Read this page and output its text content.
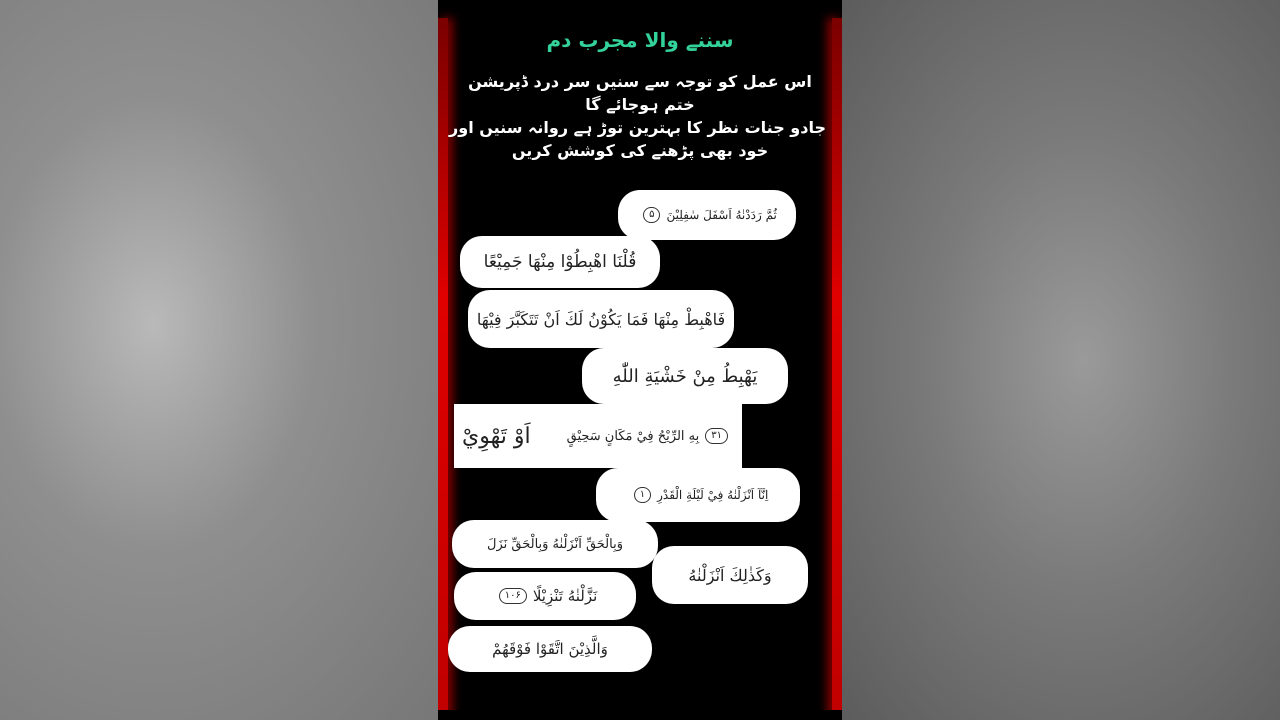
سننے والا مجرب دم
اس عمل کو توجہ سے سنیں سر درد ڈپریشن
ختم ہوجائے گا
جادو جنات نظر کا بہترین توڑ ہے روانہ سنیں اور
خود بھی پڑھنے کی کوشش کریں
ثُمَّ رَدَدْنٰهُ اَسْفَلَ سٰفِلِيْنَ
۵
قُلْنَا اهْبِطُوْا مِنْهَا جَمِيْعًا
فَاهْبِطْ مِنْهَا فَمَا يَكُوْنُ لَكَ اَنْ تَتَكَبَّرَ فِيْهَا
يَهْبِطُ مِنْ خَشْيَةِ اللّٰهِ
۳۱
بِهِ الرِّيْحُ فِيْ مَكَانٍ سَحِيْقٍ
اَوْ تَهْوِيْ
اِنَّآ اَنْزَلْنٰهُ فِيْ لَيْلَةِ الْقَدْرِ
۱
وَبِالْحَقِّ اَنْزَلْنٰهُ وَبِالْحَقِّ نَزَلَ
وَكَذٰلِكَ اَنْزَلْنٰهُ
نَزَّلْنٰهُ تَنْزِيْلًا
۱۰۶
وَالَّذِيْنَ اتَّقَوْا فَوْقَهُمْ
